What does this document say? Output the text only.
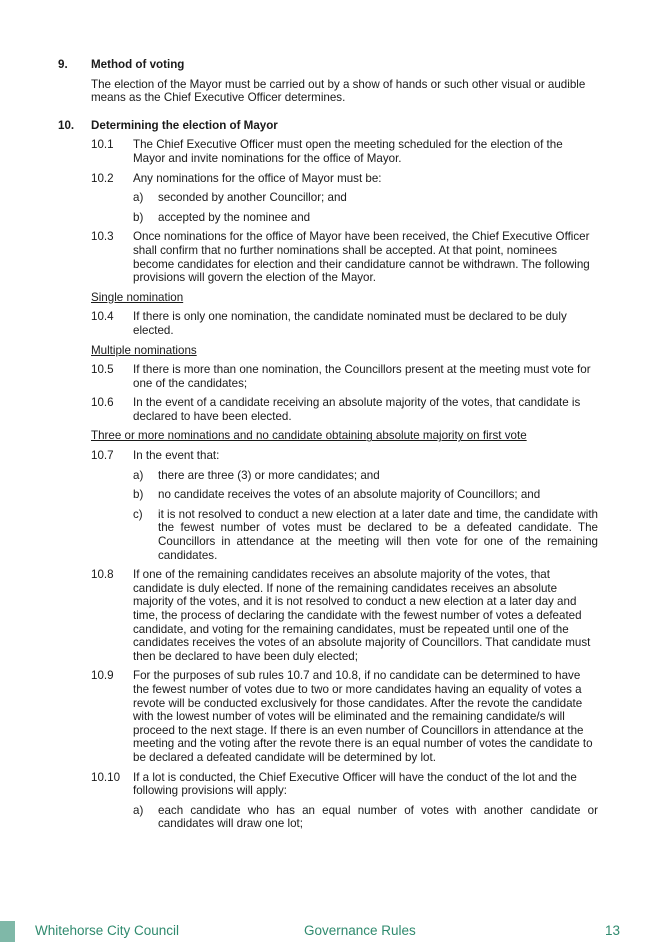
9. Method of voting
The election of the Mayor must be carried out by a show of hands or such other visual or audible means as the Chief Executive Officer determines.
10. Determining the election of Mayor
10.1 The Chief Executive Officer must open the meeting scheduled for the election of the Mayor and invite nominations for the office of Mayor.
10.2 Any nominations for the office of Mayor must be:
a) seconded by another Councillor; and
b) accepted by the nominee and
10.3 Once nominations for the office of Mayor have been received, the Chief Executive Officer shall confirm that no further nominations shall be accepted. At that point, nominees become candidates for election and their candidature cannot be withdrawn. The following provisions will govern the election of the Mayor.
Single nomination
10.4 If there is only one nomination, the candidate nominated must be declared to be duly elected.
Multiple nominations
10.5 If there is more than one nomination, the Councillors present at the meeting must vote for one of the candidates;
10.6 In the event of a candidate receiving an absolute majority of the votes, that candidate is declared to have been elected.
Three or more nominations and no candidate obtaining absolute majority on first vote
10.7 In the event that:
a) there are three (3) or more candidates; and
b) no candidate receives the votes of an absolute majority of Councillors; and
c) it is not resolved to conduct a new election at a later date and time, the candidate with the fewest number of votes must be declared to be a defeated candidate. The Councillors in attendance at the meeting will then vote for one of the remaining candidates.
10.8 If one of the remaining candidates receives an absolute majority of the votes, that candidate is duly elected. If none of the remaining candidates receives an absolute majority of the votes, and it is not resolved to conduct a new election at a later day and time, the process of declaring the candidate with the fewest number of votes a defeated candidate, and voting for the remaining candidates, must be repeated until one of the candidates receives the votes of an absolute majority of Councillors. That candidate must then be declared to have been duly elected;
10.9 For the purposes of sub rules 10.7 and 10.8, if no candidate can be determined to have the fewest number of votes due to two or more candidates having an equality of votes a revote will be conducted exclusively for those candidates. After the revote the candidate with the lowest number of votes will be eliminated and the remaining candidate/s will proceed to the next stage. If there is an even number of Councillors in attendance at the meeting and the voting after the revote there is an equal number of votes the candidate to be declared a defeated candidate will be determined by lot.
10.10 If a lot is conducted, the Chief Executive Officer will have the conduct of the lot and the following provisions will apply:
a) each candidate who has an equal number of votes with another candidate or candidates will draw one lot;
Whitehorse City Council	Governance Rules	13
